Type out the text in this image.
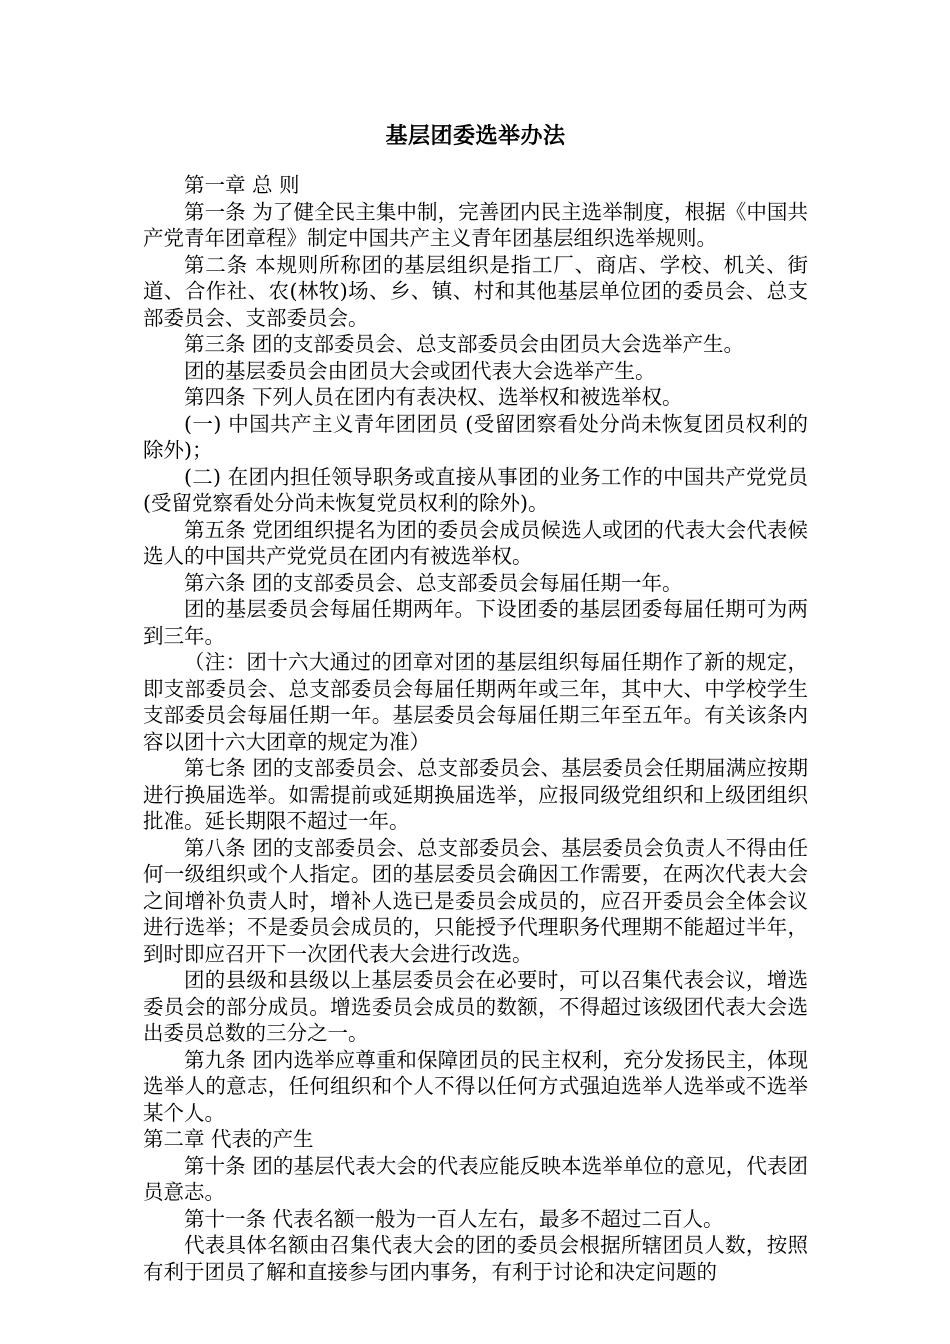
基层团委选举办法

第一章 总 则

第一条 为了健全民主集中制，完善团内民主选举制度，根据《中国共产党青年团章程》制定中国共产主义青年团基层组织选举规则。

第二条 本规则所称团的基层组织是指工厂、商店、学校、机关、街道、合作社、农(林牧)场、乡、镇、村和其他基层单位团的委员会、总支部委员会、支部委员会。

第三条 团的支部委员会、总支部委员会由团员大会选举产生。

团的基层委员会由团员大会或团代表大会选举产生。

第四条 下列人员在团内有表决权、选举权和被选举权。

(一) 中国共产主义青年团团员 (受留团察看处分尚未恢复团员权利的除外)；

(二) 在团内担任领导职务或直接从事团的业务工作的中国共产党党员 (受留党察看处分尚未恢复党员权利的除外)。

第五条 党团组织提名为团的委员会成员候选人或团的代表大会代表候选人的中国共产党党员在团内有被选举权。

第六条 团的支部委员会、总支部委员会每届任期一年。

团的基层委员会每届任期两年。下设团委的基层团委每届任期可为两到三年。

（注：团十六大通过的团章对团的基层组织每届任期作了新的规定，即支部委员会、总支部委员会每届任期两年或三年，其中大、中学校学生支部委员会每届任期一年。基层委员会每届任期三年至五年。有关该条内容以团十六大团章的规定为准）

第七条 团的支部委员会、总支部委员会、基层委员会任期届满应按期进行换届选举。如需提前或延期换届选举，应报同级党组织和上级团组织批准。延长期限不超过一年。

第八条 团的支部委员会、总支部委员会、基层委员会负责人不得由任何一级组织或个人指定。团的基层委员会确因工作需要，在两次代表大会之间增补负责人时，增补人选已是委员会成员的，应召开委员会全体会议进行选举；不是委员会成员的，只能授予代理职务代理期不能超过半年，到时即应召开下一次团代表大会进行改选。

团的县级和县级以上基层委员会在必要时，可以召集代表会议，增选委员会的部分成员。增选委员会成员的数额，不得超过该级团代表大会选出委员总数的三分之一。

第九条 团内选举应尊重和保障团员的民主权利，充分发扬民主，体现选举人的意志，任何组织和个人不得以任何方式强迫选举人选举或不选举某个人。

第二章 代表的产生

第十条 团的基层代表大会的代表应能反映本选举单位的意见，代表团员意志。

第十一条 代表名额一般为一百人左右，最多不超过二百人。

代表具体名额由召集代表大会的团的委员会根据所辖团员人数，按照有利于团员了解和直接参与团内事务，有利于讨论和决定问题的
